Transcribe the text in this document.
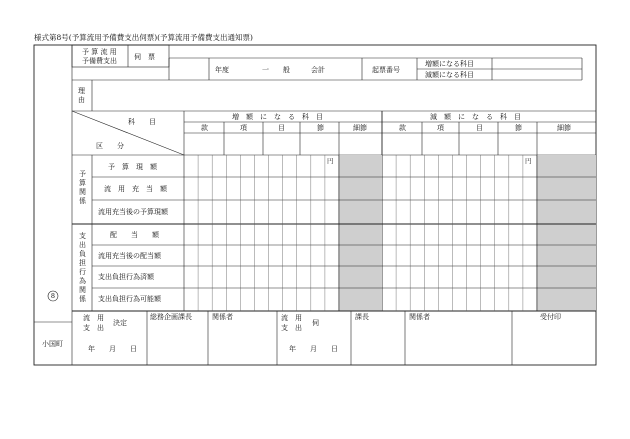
様式第8号(予算流用予備費支出伺票)(予算流用予備費支出通知票)
予 算 流 用
予備費支出 伺　票
年度	一　　般　　　会計	起票番号
増額になる科目
減額になる科目
理由
科　　目
区　　分
増　額　に　な　る　科　目	減　額　に　な　る　科　目
款	項	目	節	細節	款	項	目	節	細節
円	円
予算関係
支出負担行為関係
予　算　現　額
流　用　充　当　額
流用充当後の予算現額
配　　当　　額
流用充当後の配当額
支出負担行為済額
支出負担行為可能額
8
小国町
流　用
支　出
決定
年　　月　　日
総務企画課長	関係者	流　用
支　出
伺
年　　月　　日
課長	関係者	受付印
